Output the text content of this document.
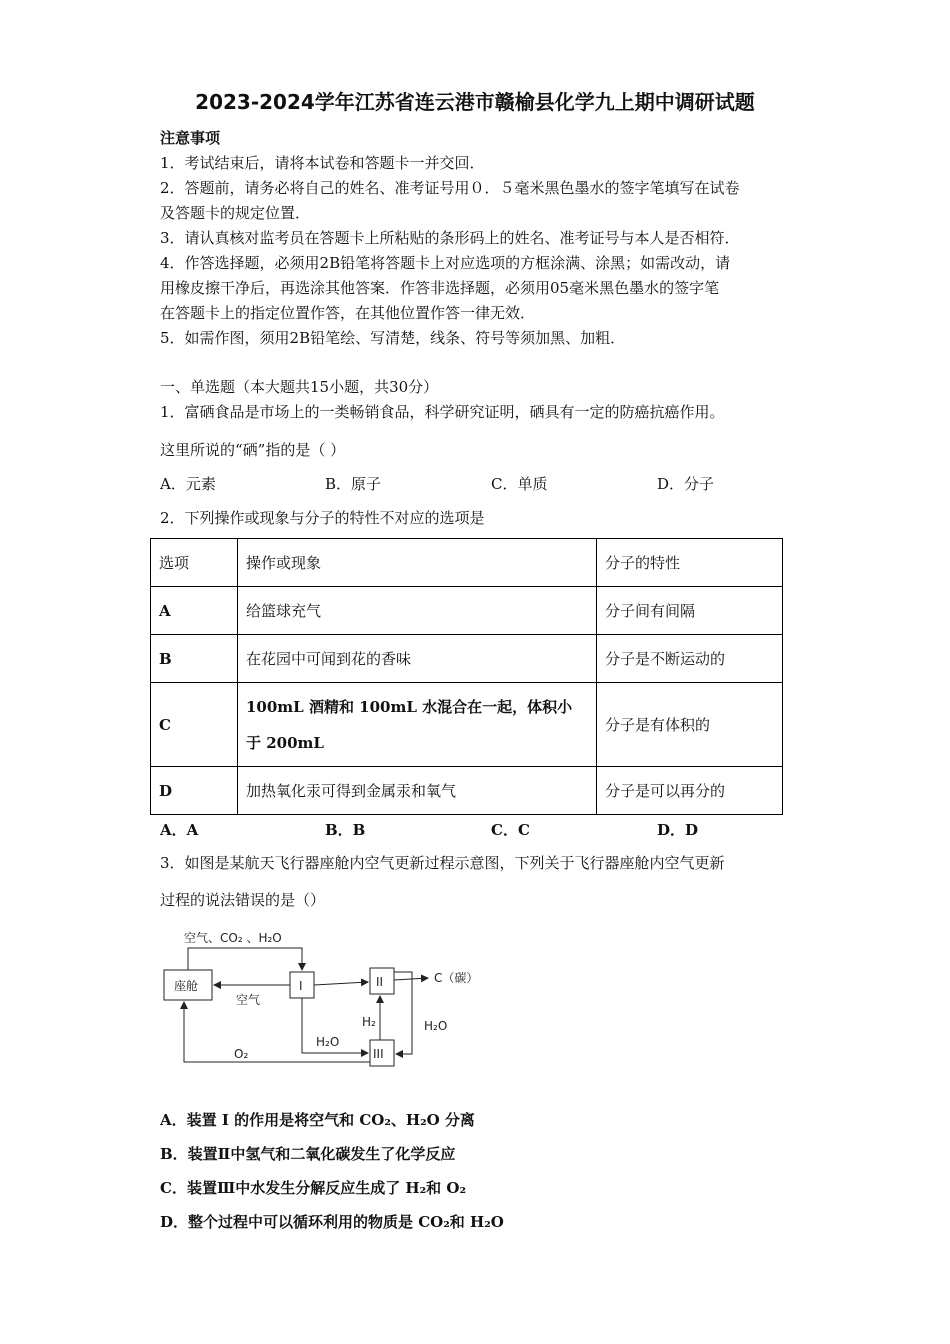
2023-2024学年江苏省连云港市赣榆县化学九上期中调研试题
注意事项
1．考试结束后，请将本试卷和答题卡一并交回．
2．答题前，请务必将自己的姓名、准考证号用０．５毫米黑色墨水的签字笔填写在试卷
及答题卡的规定位置．
3．请认真核对监考员在答题卡上所粘贴的条形码上的姓名、准考证号与本人是否相符．
4．作答选择题，必须用2B铅笔将答题卡上对应选项的方框涂满、涂黑；如需改动，请
用橡皮擦干净后，再选涂其他答案．作答非选择题，必须用05毫米黑色墨水的签字笔
在答题卡上的指定位置作答，在其他位置作答一律无效．
5．如需作图，须用2B铅笔绘、写清楚，线条、符号等须加黑、加粗．
一、单选题（本大题共15小题，共30分）
1．富硒食品是市场上的一类畅销食品，科学研究证明，硒具有一定的防癌抗癌作用。
这里所说的“硒”指的是（ ）
A．元素	B．原子	C．单质	D．分子
2．下列操作或现象与分子的特性不对应的选项是
选项	操作或现象	分子的特性
A	给篮球充气	分子间有间隔
B	在花园中可闻到花的香味	分子是不断运动的
C	100mL 酒精和 100mL 水混合在一起，体积小
于 200mL	分子是有体积的
D	加热氧化汞可得到金属汞和氧气	分子是可以再分的
A．A	B．B	C．C	D．D
3．如图是某航天飞行器座舱内空气更新过程示意图，下列关于飞行器座舱内空气更新
过程的说法错误的是（）
空气、CO₂ 、H₂O
座舱	I	II
III
空气
C（碳）
H₂	H₂O
H₂O
O₂
A．装置 I 的作用是将空气和 CO₂、H₂O 分离
B．装置Ⅱ中氢气和二氧化碳发生了化学反应
C．装置Ⅲ中水发生分解反应生成了 H₂和 O₂
D．整个过程中可以循环利用的物质是 CO₂和 H₂O
